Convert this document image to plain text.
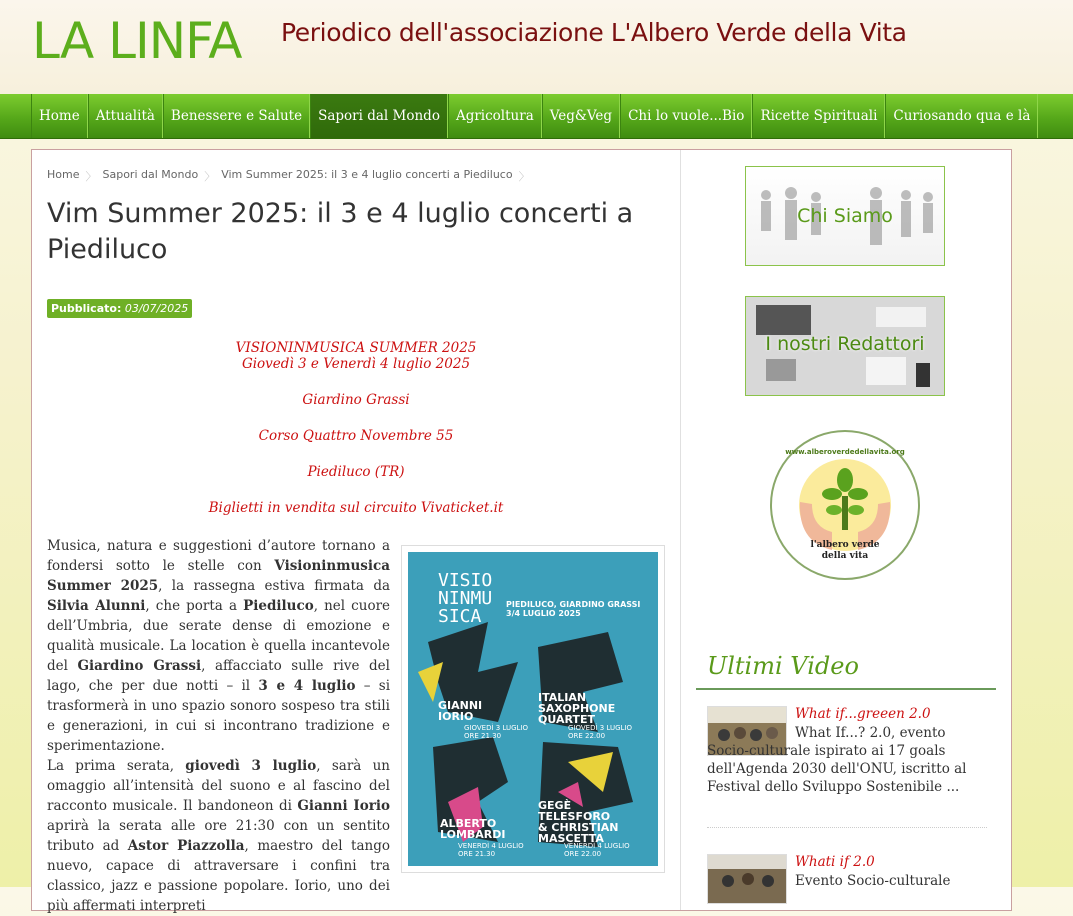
LA LINFA Periodico dell'associazione L'Albero Verde della Vita
Home	Attualità	Benessere e Salute	Sapori dal Mondo	Agricoltura	Veg&Veg	Chi lo vuole...Bio	Ricette Spirituali	Curiosando qua e là
Home 〉 Sapori dal Mondo 〉 Vim Summer 2025: il 3 e 4 luglio concerti a Piediluco 〉
Vim Summer 2025: il 3 e 4 luglio concerti a Piediluco
Pubblicato: 03/07/2025
VISIONINMUSICA SUMMER 2025
Giovedì 3 e Venerdì 4 luglio 2025
Giardino Grassi
Corso Quattro Novembre 55
Piediluco (TR)
Biglietti in vendita sul circuito Vivaticket.it
Musica, natura e suggestioni d’autore tornano a fondersi sotto le stelle con Visioninmusica Summer 2025, la rassegna estiva firmata da Silvia Alunni, che porta a Piediluco, nel cuore dell’Umbria, due serate dense di emozione e qualità musicale. La location è quella incantevole del Giardino Grassi, affacciato sulle rive del lago, che per due notti – il 3 e 4 luglio – si trasformerà in uno spazio sonoro sospeso tra stili e generazioni, in cui si incontrano tradizione e sperimentazione.
La prima serata, giovedì 3 luglio, sarà un omaggio all’intensità del suono e al fascino del racconto musicale. Il bandoneon di Gianni Iorio aprirà la serata alle ore 21:30 con un sentito tributo ad Astor Piazzolla, maestro del tango nuevo, capace di attraversare i confini tra classico, jazz e passione popolare. Iorio, uno dei più affermati interpreti
VISIO
NINMU
SICA
PIEDILUCO, GIARDINO GRASSI
3/4 LUGLIO 2025
GIANNI
IORIO
GIOVEDÌ 3 LUGLIO
ORE 21.30
ITALIAN
SAXOPHONE
QUARTET
GIOVEDÌ 3 LUGLIO
ORE 22.00
ALBERTO
LOMBARDI
VENERDÌ 4 LUGLIO
ORE 21.30
GEGÈ
TELESFORO
& CHRISTIAN
MASCETTA
VENERDÌ 4 LUGLIO
ORE 22.00
Chi Siamo
I nostri Redattori
www.alberoverdedellavita.org
l'albero verde
della vita
Ultimi Video
What if...greeen 2.0
What If...? 2.0, evento Socio-culturale ispirato ai 17 goals dell'Agenda 2030 dell'ONU, iscritto al Festival dello Sviluppo Sostenibile ...
Whati if 2.0
Evento Socio-culturale
